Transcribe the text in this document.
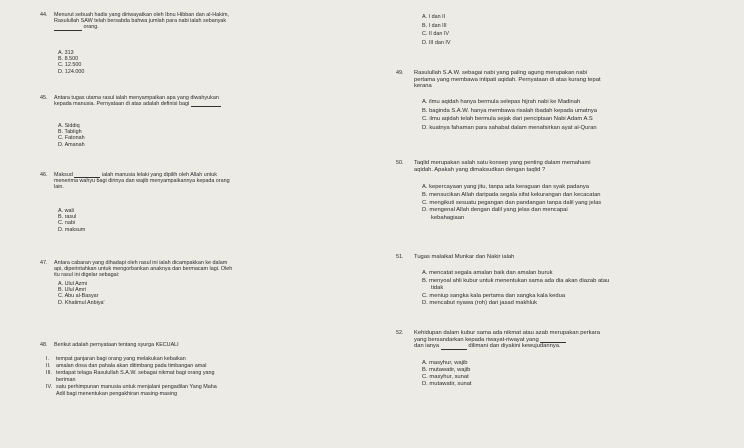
44. Menurut sebuah hadis yang diriwayatkan oleh Ibnu Hibban dan al-Hakim,
Rasulullah SAW telah bersabda bahwa jumlah para nabi ialah sebanyak
orang.
A. 313
B. 8.500
C. 12.500
D. 124.000
45. Antara tugas utama rasul ialah menyampaikan apa yang diwahyukan
kepada manusia. Pernyataan di atas adalah definisi bagi
A. Siddiq
B. Tabligh
C. Fatonah
D. Amanah
46. Maksud	ialah manusia lelaki yang dipilih oleh Allah untuk
menerima wahyu bagi dirinya dan wajib menyampaikannya kepada orang
lain.
A. wali
B. rasul
C. nabi
D. maksum
47. Antara cabaran yang dihadapi oleh rasul ini ialah dicampakkan ke dalam
api, diperintahkan untuk mengorbankan anaknya dan bermacam lagi. Oleh
itu rasul ini digelar sebagai:
A. Ulul Azmi
B. Ulul Amri
C. Abu al-Basyar
D. Khatimul Anbiya'
48. Berikut adalah pernyataan tentang syurga KECUALI
I. tempat ganjaran bagi orang yang melakukan kebaikan
II. amalan dosa dan pahala akan ditimbang pada timbangan amal
III. terdapat telaga Rasulullah S.A.W. sebagai nikmat bagi orang yang
beriman
IV. satu perhimpunan manusia untuk menjalani pengadilan Yang Maha
Adil bagi menentukan pengakhiran masing-masing
A. I dan II
B. I dan III
C. II dan IV
D. III dan IV
49. Rasulullah S.A.W. sebagai nabi yang paling agung merupakan nabi
pertama yang membawa intipati aqidah. Pernyataan di atas kurang tepat
kerana
A. ilmu aqidah hanya bermula selepas hijrah nabi ke Madinah
B. baginda S.A.W. hanya membawa risalah ibadah kepada umatnya
C. ilmu aqidah telah bermula sejak dari penciptaan Nabi Adam A.S
D. kuatnya fahaman para sahabat dalam menafsirkan ayat al-Quran
50. Taqlid merupakan salah satu konsep yang penting dalam memahami
aqidah. Apakah yang dimaksudkan dengan taqlid ?
A. kepercayaan yang jitu, tanpa ada keraguan dan syak padanya
B. mensucikan Allah daripada segala sifat kekurangan dan kecacatan
C. mengikuti sesuatu pegangan dan pandangan tanpa dalil yang jelas
D. mengenal Allah dengan dalil yang jelas dan mencapai
kebahagiaan
51. Tugas malaikat Munkar dan Nakir ialah
A. mencatat segala amalan baik dan amalan buruk
B. menyoal ahli kubur untuk menentukan sama ada dia akan diazab atau
tidak
C. meniup sangka kala pertama dan sangka kala kedua
D. mencabut nyawa (roh) dari jasad makhluk
52. Kehidupan dalam kubur sama ada nikmat atau azab merupakan perkara
yang bersandarkan kepada riwayat-riwayat yang
dan ianya	dilimani dan diyakini kewujudannya.
A. masyhur, wajib
B. mutawatir, wajib
C. masyhur, sunat
D. mutawatir, sunat
